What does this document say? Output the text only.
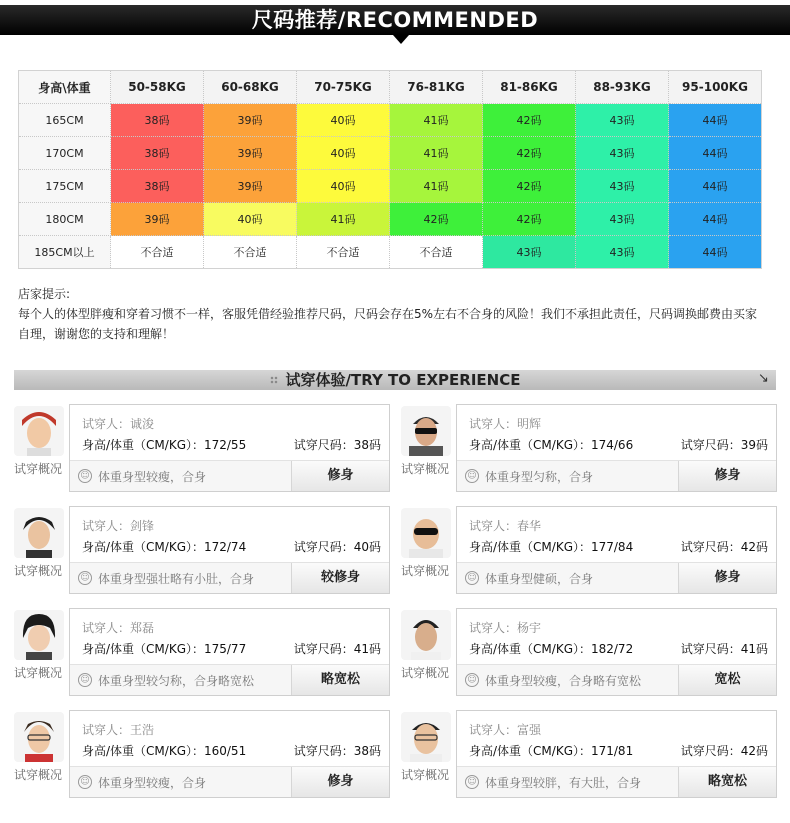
尺码推荐/RECOMMENDED
身高\体重	50-58KG	60-68KG	70-75KG	76-81KG	81-86KG	88-93KG	95-100KG
165CM	38码	39码	40码	41码	42码	43码	44码
170CM	38码	39码	40码	41码	42码	43码	44码
175CM	38码	39码	40码	41码	42码	43码	44码
180CM	39码	40码	41码	42码	42码	43码	44码
185CM以上	不合适	不合适	不合适	不合适	43码	43码	44码
店家提示:
每个人的体型胖瘦和穿着习惯不一样，客服凭借经验推荐尺码，尺码会存在5%左右不合身的风险！我们不承担此责任，尺码调换邮费由买家自理，谢谢您的支持和理解！
试穿体验/TRY TO EXPERIENCE	↘
试穿概况
试穿人：诚浚
身高/体重（CM/KG）：172/55	试穿尺码：38码
☺ 体重身型较瘦，合身	修身	试穿概况
试穿人：明辉
身高/体重（CM/KG）：174/66	试穿尺码：39码
☺ 体重身型匀称，合身	修身
试穿概况
试穿人：剑锋
身高/体重（CM/KG）：172/74	试穿尺码：40码
☺ 体重身型强壮略有小肚，合身	较修身	试穿概况
试穿人：春华
身高/体重（CM/KG）：177/84	试穿尺码：42码
☺ 体重身型健硕，合身	修身
试穿概况
试穿人：郑磊
身高/体重（CM/KG）：175/77	试穿尺码：41码
☺ 体重身型较匀称，合身略宽松	略宽松	试穿概况
试穿人：杨宇
身高/体重（CM/KG）：182/72	试穿尺码：41码
☺ 体重身型较瘦，合身略有宽松	宽松
试穿概况
试穿人：王浩
身高/体重（CM/KG）：160/51	试穿尺码：38码
☺ 体重身型较瘦，合身	修身	试穿概况
试穿人：富强
身高/体重（CM/KG）：171/81	试穿尺码：42码
☺ 体重身型较胖，有大肚，合身	略宽松
